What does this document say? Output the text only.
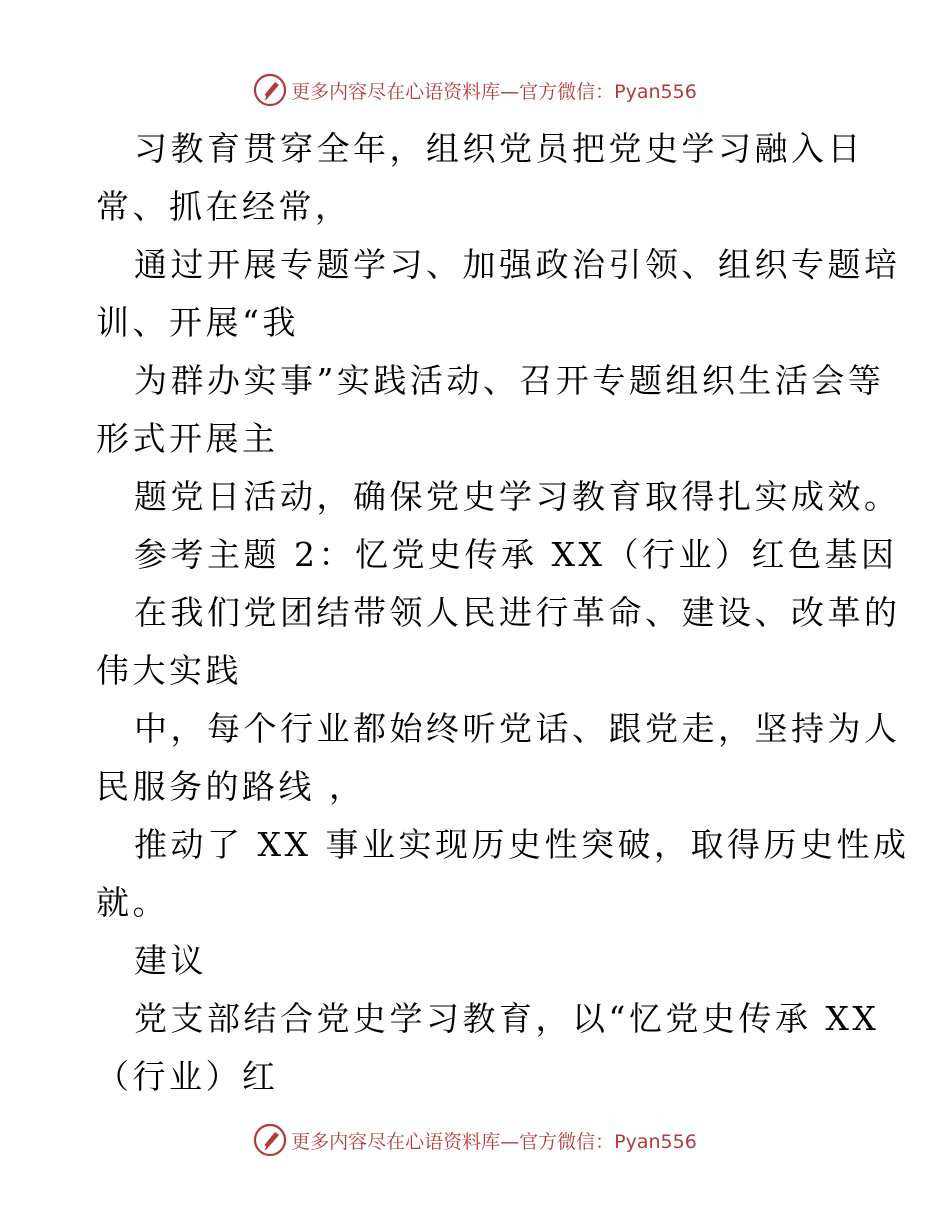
更多内容尽在心语资料库—官方微信：Pyan556
习教育贯穿全年，组织党员把党史学习融入日
常、抓在经常，
通过开展专题学习、加强政治引领、组织专题培
训、开展“我
为群办实事”实践活动、召开专题组织生活会等
形式开展主
题党日活动，确保党史学习教育取得扎实成效。
参考主题 2：忆党史传承 XX（行业）红色基因
在我们党团结带领人民进行革命、建设、改革的
伟大实践
中，每个行业都始终听党话、跟党走，坚持为人
民服务的路线 ，
推动了 XX 事业实现历史性突破，取得历史性成
就。
建议
党支部结合党史学习教育，以“忆党史传承 XX
（行业）红
更多内容尽在心语资料库—官方微信：Pyan556
